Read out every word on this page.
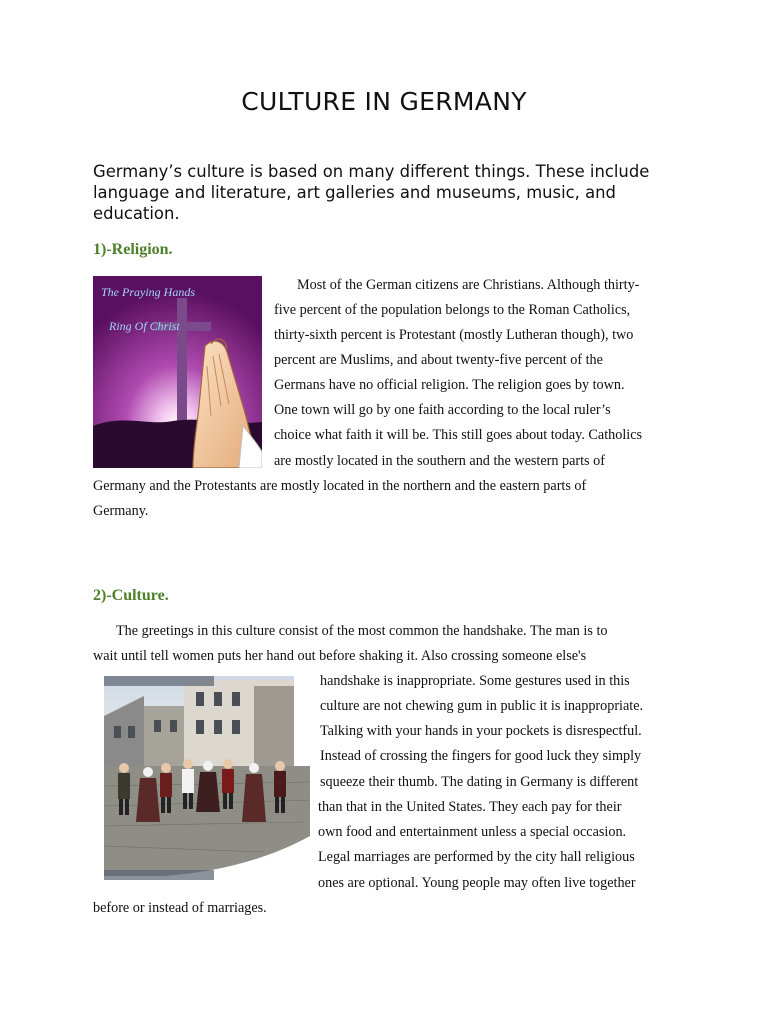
CULTURE IN GERMANY

Germany’s culture is based on many different things. These include language and literature, art galleries and museums, music, and education.

1)-Religion.
The Praying Hands
Ring Of Christ

Most of the German citizens are Christians. Although thirty-

five percent of the population belongs to the Roman Catholics,

thirty-sixth percent is Protestant (mostly Lutheran though), two

percent are Muslims, and about twenty-five percent of the

Germans have no official religion. The religion goes by town.

One town will go by one faith according to the local ruler’s

choice what faith it will be. This still goes about today. Catholics

are mostly located in the southern and the western parts of

Germany and the Protestants are mostly located in the northern and the eastern parts of

Germany.

2)-Culture.

The greetings in this culture consist of the most common the handshake. The man is to

wait until tell women puts her hand out before shaking it. Also crossing someone else's

handshake is inappropriate. Some gestures used in this

culture are not chewing gum in public it is inappropriate.

Talking with your hands in your pockets is disrespectful.

Instead of crossing the fingers for good luck they simply

squeeze their thumb. The dating in Germany is different

than that in the United States. They each pay for their

own food and entertainment unless a special occasion.

Legal marriages are performed by the city hall religious

ones are optional. Young people may often live together

before or instead of marriages.
